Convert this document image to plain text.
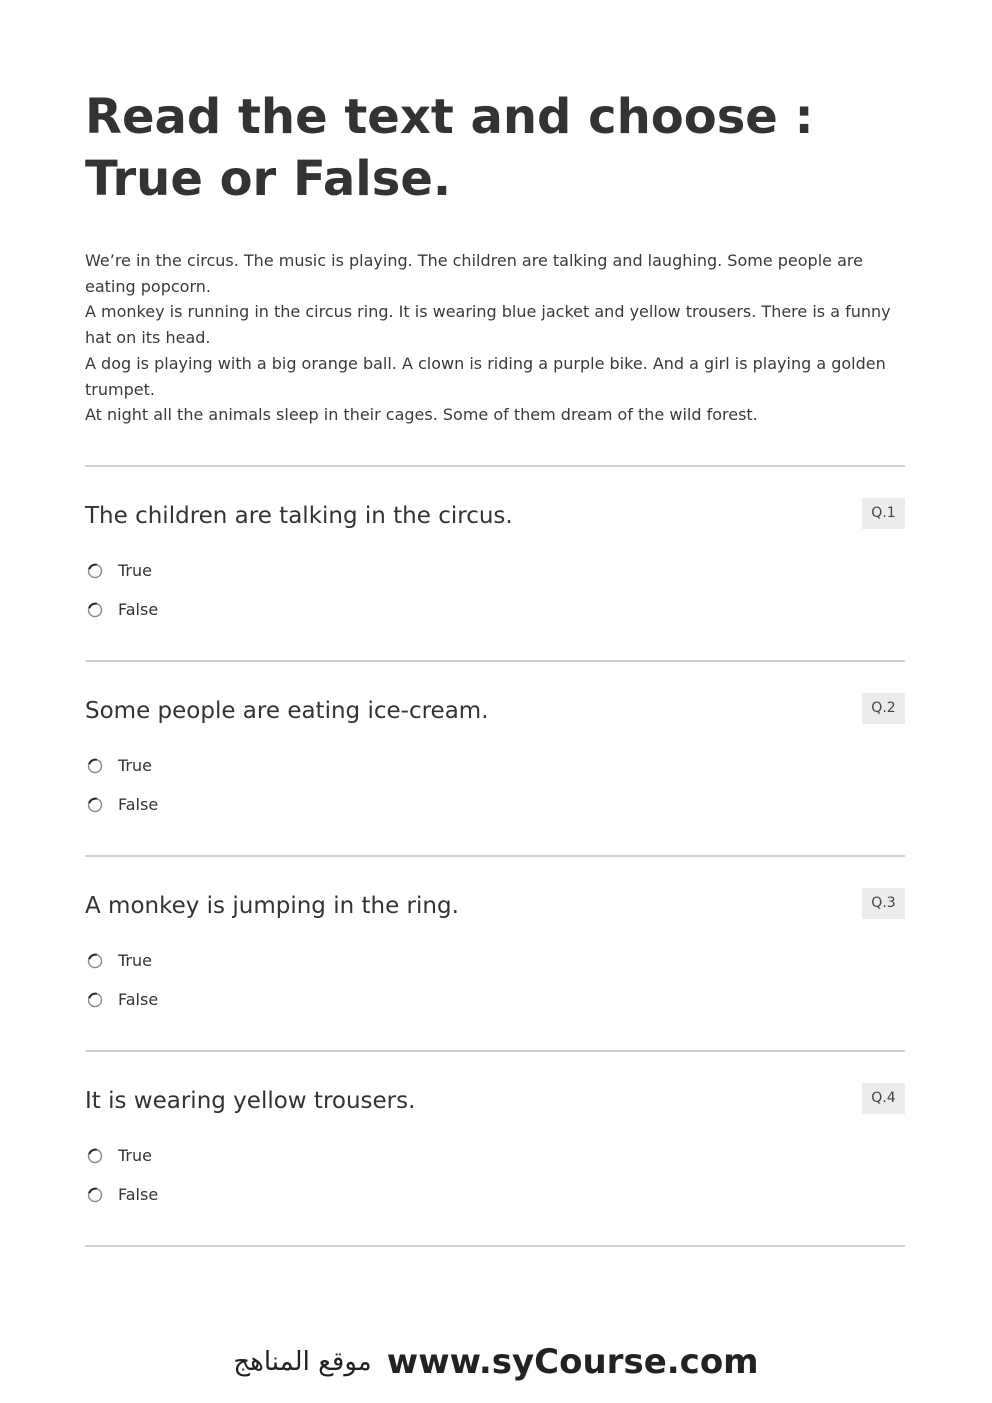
Read the text and choose :
True or False.

We’re in the circus. The music is playing. The children are talking and laughing. Some people are eating popcorn.

A monkey is running in the circus ring. It is wearing blue jacket and yellow trousers. There is a funny hat on its head.

A dog is playing with a big orange ball. A clown is riding a purple bike. And a girl is playing a golden trumpet.

At night all the animals sleep in their cages. Some of them dream of the wild forest.

The children are talking in the circus.	Q.1
True
False
Some people are eating ice-cream.	Q.2
True
False
A monkey is jumping in the ring.	Q.3
True
False
It is wearing yellow trousers.	Q.4
True
False
موقع المناهج www.syCourse.com
